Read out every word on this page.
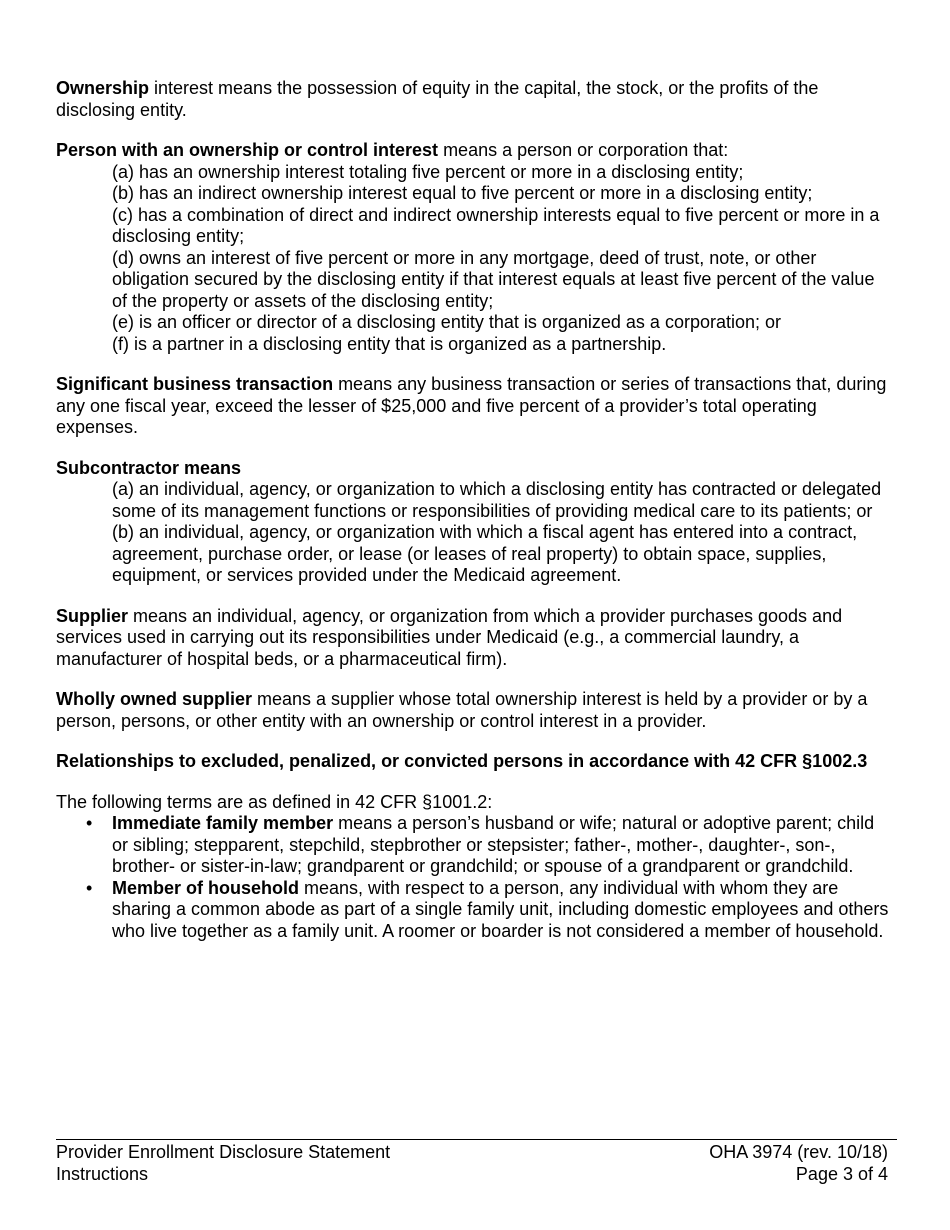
Ownership interest means the possession of equity in the capital, the stock, or the profits of the disclosing entity.

Person with an ownership or control interest means a person or corporation that:

(a) has an ownership interest totaling five percent or more in a disclosing entity;

(b) has an indirect ownership interest equal to five percent or more in a disclosing entity;

(c) has a combination of direct and indirect ownership interests equal to five percent or more in a disclosing entity;

(d) owns an interest of five percent or more in any mortgage, deed of trust, note, or other obligation secured by the disclosing entity if that interest equals at least five percent of the value of the property or assets of the disclosing entity;

(e) is an officer or director of a disclosing entity that is organized as a corporation; or

(f) is a partner in a disclosing entity that is organized as a partnership.

Significant business transaction means any business transaction or series of transactions that, during any one fiscal year, exceed the lesser of $25,000 and five percent of a provider’s total operating expenses.

Subcontractor means

(a) an individual, agency, or organization to which a disclosing entity has contracted or delegated some of its management functions or responsibilities of providing medical care to its patients; or

(b) an individual, agency, or organization with which a fiscal agent has entered into a contract, agreement, purchase order, or lease (or leases of real property) to obtain space, supplies, equipment, or services provided under the Medicaid agreement.

Supplier means an individual, agency, or organization from which a provider purchases goods and services used in carrying out its responsibilities under Medicaid (e.g., a commercial laundry, a manufacturer of hospital beds, or a pharmaceutical firm).

Wholly owned supplier means a supplier whose total ownership interest is held by a provider or by a person, persons, or other entity with an ownership or control interest in a provider.

Relationships to excluded, penalized, or convicted persons in accordance with 42 CFR §1002.3

The following terms are as defined in 42 CFR §1001.2:

• Immediate family member means a person’s husband or wife; natural or adoptive parent; child or sibling; stepparent, stepchild, stepbrother or stepsister; father-, mother-, daughter-, son-, brother- or sister-in-law; grandparent or grandchild; or spouse of a grandparent or grandchild.
• Member of household means, with respect to a person, any individual with whom they are sharing a common abode as part of a single family unit, including domestic employees and others who live together as a family unit. A roomer or boarder is not considered a member of household.

Provider Enrollment Disclosure Statement

Instructions

OHA 3974 (rev. 10/18)

Page 3 of 4
